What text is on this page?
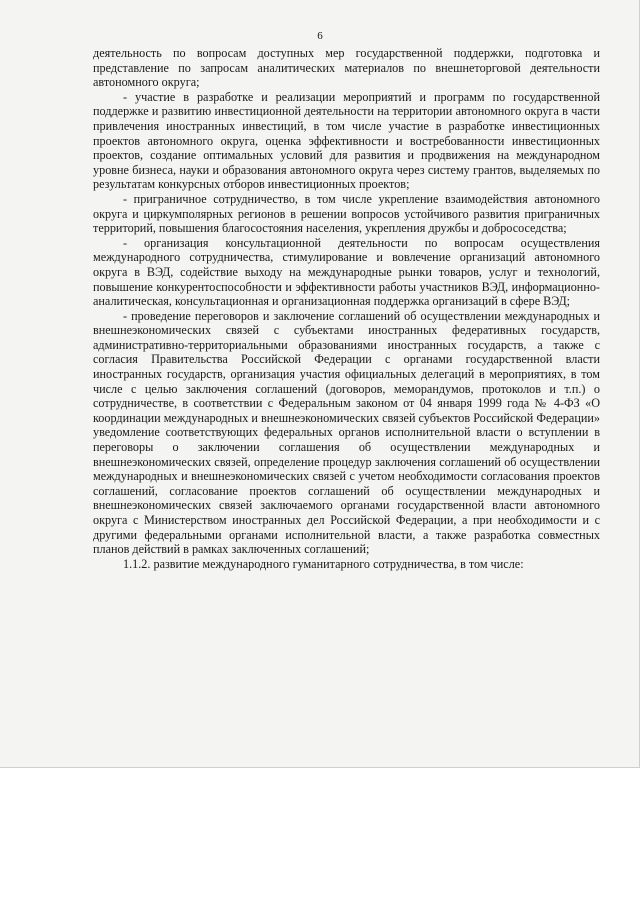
6

деятельность по вопросам доступных мер государственной поддержки, подготовка и представление по запросам аналитических материалов по внешнеторговой деятельности автономного округа;

- участие в разработке и реализации мероприятий и программ по государственной поддержке и развитию инвестиционной деятельности на территории автономного округа в части привлечения иностранных инвестиций, в том числе участие в разработке инвестиционных проектов автономного округа, оценка эффективности и востребованности инвестиционных проектов, создание оптимальных условий для развития и продвижения на международном уровне бизнеса, науки и образования автономного округа через систему грантов, выделяемых по результатам конкурсных отборов инвестиционных проектов;

- приграничное сотрудничество, в том числе укрепление взаимодействия автономного округа и циркумполярных регионов в решении вопросов устойчивого развития приграничных территорий, повышения благосостояния населения, укрепления дружбы и добрососедства;

- организация консультационной деятельности по вопросам осуществления международного сотрудничества, стимулирование и вовлечение организаций автономного округа в ВЭД, содействие выходу на международные рынки товаров, услуг и технологий, повышение конкурентоспособности и эффективности работы участников ВЭД, информационно-аналитическая, консультационная и организационная поддержка организаций в сфере ВЭД;

- проведение переговоров и заключение соглашений об осуществлении международных и внешнеэкономических связей с субъектами иностранных федеративных государств, административно-территориальными образованиями иностранных государств, а также с согласия Правительства Российской Федерации с органами государственной власти иностранных государств, организация участия официальных делегаций в мероприятиях, в том числе с целью заключения соглашений (договоров, меморандумов, протоколов и т.п.) о сотрудничестве, в соответствии с Федеральным законом от 04 января 1999 года № 4-ФЗ «О координации международных и внешнеэкономических связей субъектов Российской Федерации» уведомление соответствующих федеральных органов исполнительной власти о вступлении в переговоры о заключении соглашения об осуществлении международных и внешнеэкономических связей, определение процедур заключения соглашений об осуществлении международных и внешнеэкономических связей с учетом необходимости согласования проектов соглашений, согласование проектов соглашений об осуществлении международных и внешнеэкономических связей заключаемого органами государственной власти автономного округа с Министерством иностранных дел Российской Федерации, а при необходимости и с другими федеральными органами исполнительной власти, а также разработка совместных планов действий в рамках заключенных соглашений;

1.1.2. развитие международного гуманитарного сотрудничества, в том числе:
